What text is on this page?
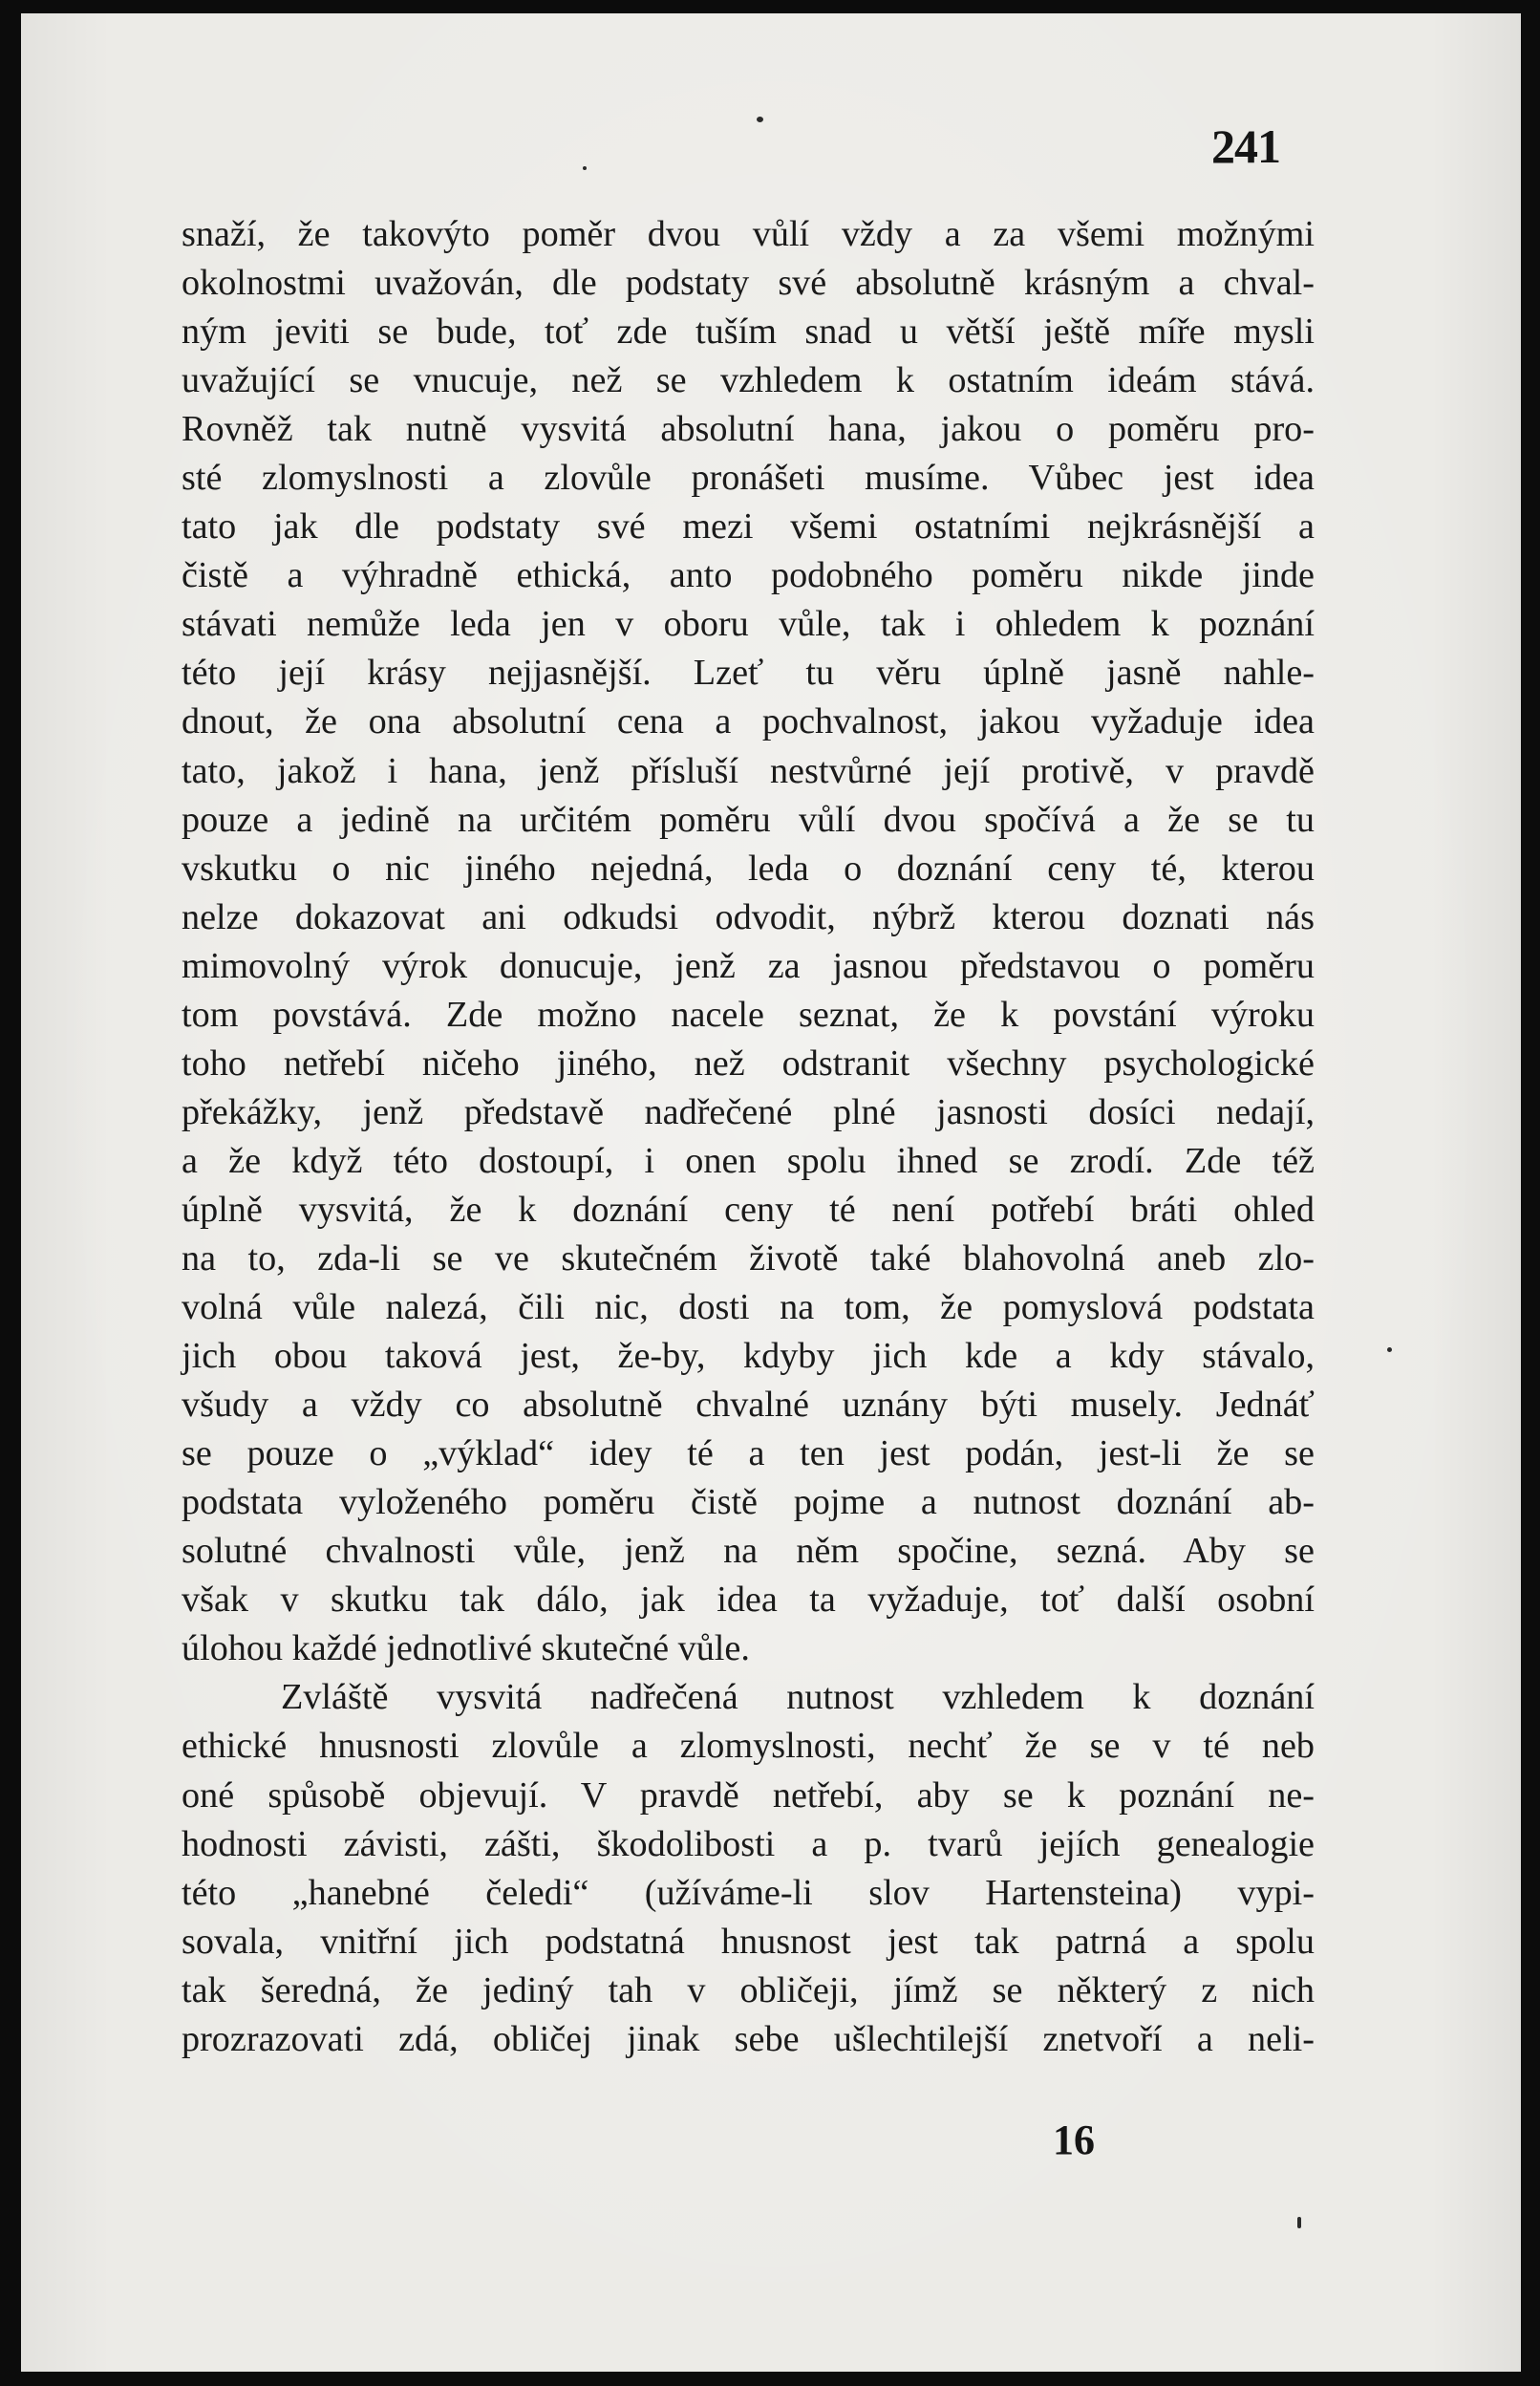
241
snaží, že takovýto poměr dvou vůlí vždy a za všemi možnými
okolnostmi uvažován, dle podstaty své absolutně krásným a chval-
ným jeviti se bude, toť zde tuším snad u větší ještě míře mysli
uvažující se vnucuje, než se vzhledem k ostatním ideám stává.
Rovněž tak nutně vysvitá absolutní hana, jakou o poměru pro-
sté zlomyslnosti a zlovůle pronášeti musíme. Vůbec jest idea
tato jak dle podstaty své mezi všemi ostatními nejkrásnější a
čistě a výhradně ethická, anto podobného poměru nikde jinde
stávati nemůže leda jen v oboru vůle, tak i ohledem k poznání
této její krásy nejjasnější. Lzeť tu věru úplně jasně nahle-
dnout, že ona absolutní cena a pochvalnost, jakou vyžaduje idea
tato, jakož i hana, jenž přísluší nestvůrné její protivě, v pravdě
pouze a jedině na určitém poměru vůlí dvou spočívá a že se tu
vskutku o nic jiného nejedná, leda o doznání ceny té, kterou
nelze dokazovat ani odkudsi odvodit, nýbrž kterou doznati nás
mimovolný výrok donucuje, jenž za jasnou představou o poměru
tom povstává. Zde možno nacele seznat, že k povstání výroku
toho netřebí ničeho jiného, než odstranit všechny psychologické
překážky, jenž představě nadřečené plné jasnosti dosíci nedají,
a že když této dostoupí, i onen spolu ihned se zrodí. Zde též
úplně vysvitá, že k doznání ceny té není potřebí bráti ohled
na to, zda-li se ve skutečném životě také blahovolná aneb zlo-
volná vůle nalezá, čili nic, dosti na tom, že pomyslová podstata
jich obou taková jest, že-by, kdyby jich kde a kdy stávalo,
všudy a vždy co absolutně chvalné uznány býti musely. Jednáť
se pouze o „výklad“ idey té a ten jest podán, jest-li že se
podstata vyloženého poměru čistě pojme a nutnost doznání ab-
solutné chvalnosti vůle, jenž na něm spočine, sezná. Aby se
však v skutku tak dálo, jak idea ta vyžaduje, toť další osobní
úlohou každé jednotlivé skutečné vůle.
Zvláště vysvitá nadřečená nutnost vzhledem k doznání
ethické hnusnosti zlovůle a zlomyslnosti, nechť že se v té neb
oné spůsobě objevují. V pravdě netřebí, aby se k poznání ne-
hodnosti závisti, zášti, škodolibosti a p. tvarů jejích genealogie
této „hanebné čeledi“ (užíváme-li slov Hartensteina) vypi-
sovala, vnitřní jich podstatná hnusnost jest tak patrná a spolu
tak šeredná, že jediný tah v obličeji, jímž se některý z nich
prozrazovati zdá, obličej jinak sebe ušlechtilejší znetvoří a neli-
16
